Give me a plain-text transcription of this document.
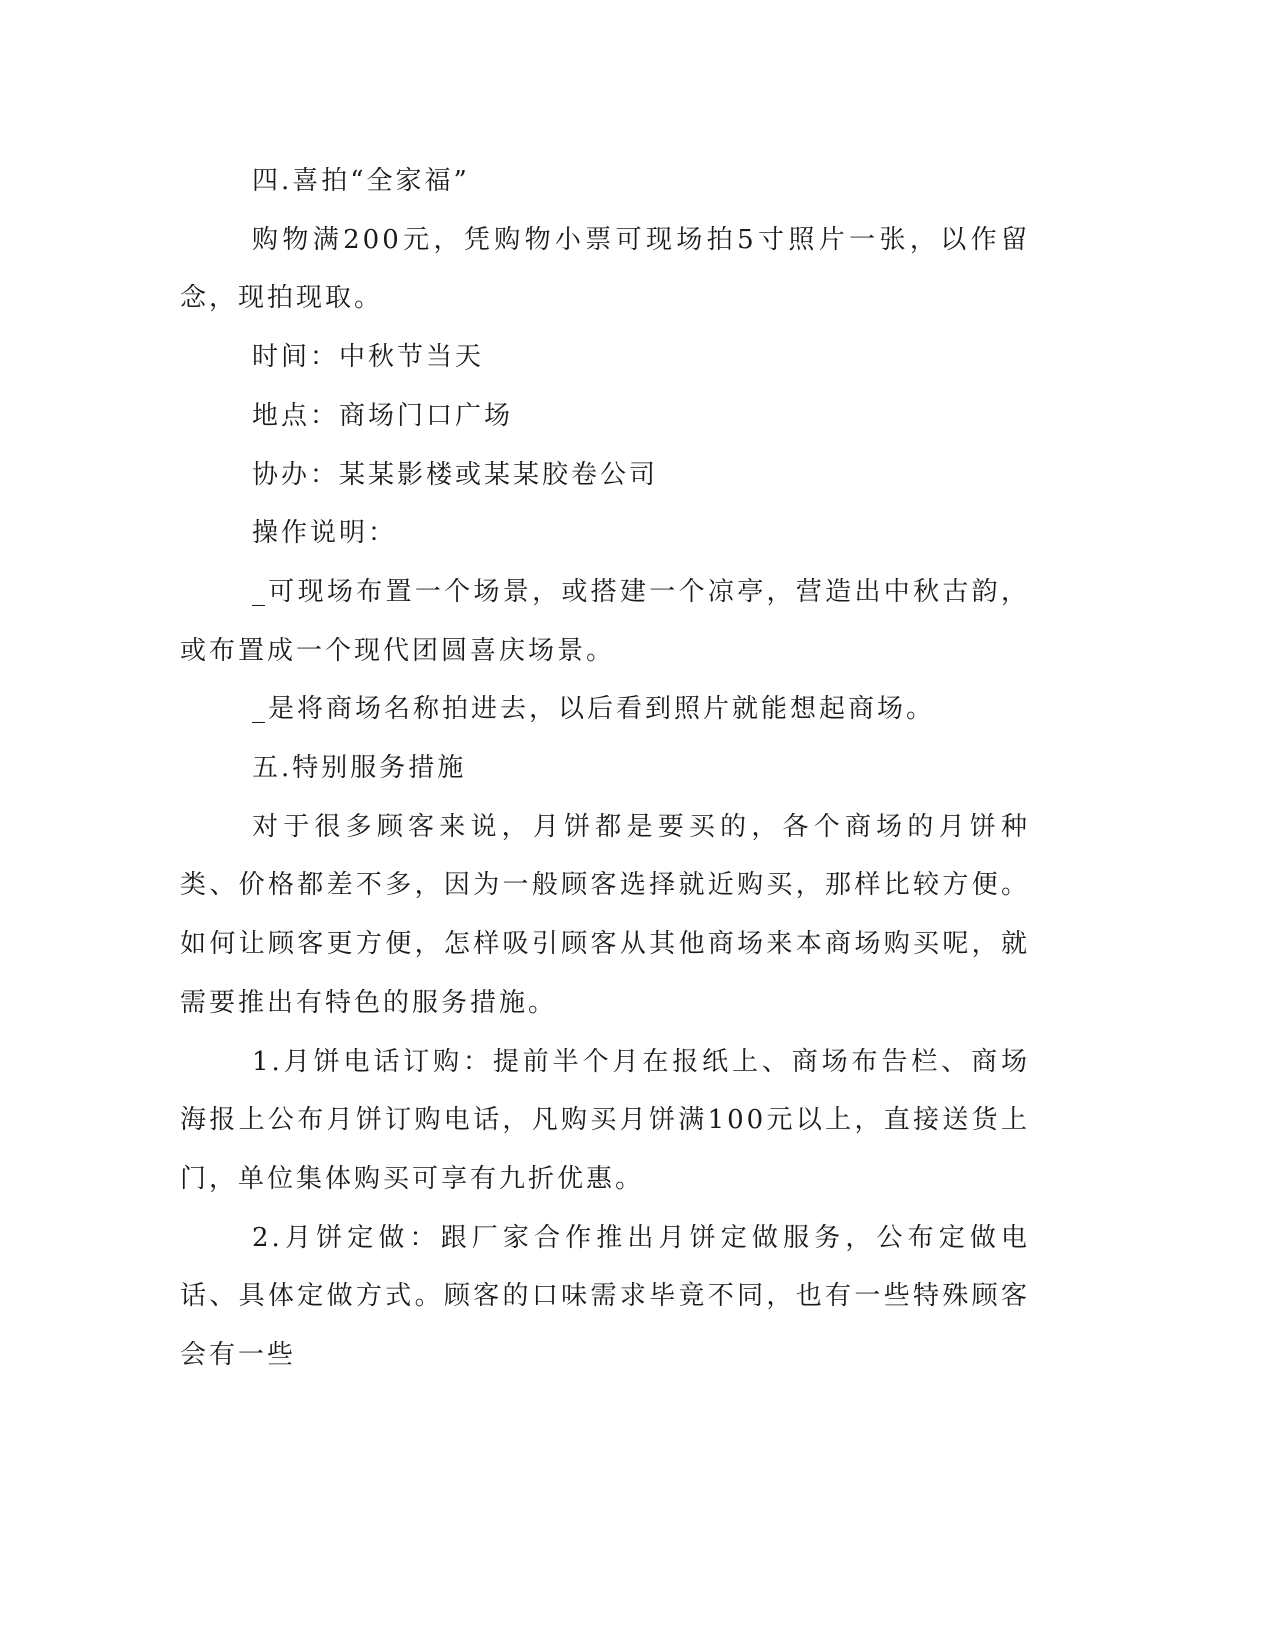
四.喜拍“全家福”

购物满200元，凭购物小票可现场拍5寸照片一张，以作留念，现拍现取。

时间：中秋节当天

地点：商场门口广场

协办：某某影楼或某某胶卷公司

操作说明：

_可现场布置一个场景，或搭建一个凉亭，营造出中秋古韵，或布置成一个现代团圆喜庆场景。

_是将商场名称拍进去，以后看到照片就能想起商场。

五.特别服务措施

对于很多顾客来说，月饼都是要买的，各个商场的月饼种类、价格都差不多，因为一般顾客选择就近购买，那样比较方便。如何让顾客更方便，怎样吸引顾客从其他商场来本商场购买呢，就需要推出有特色的服务措施。

1.月饼电话订购：提前半个月在报纸上、商场布告栏、商场海报上公布月饼订购电话，凡购买月饼满100元以上，直接送货上门，单位集体购买可享有九折优惠。

2.月饼定做：跟厂家合作推出月饼定做服务，公布定做电话、具体定做方式。顾客的口味需求毕竟不同，也有一些特殊顾客会有一些
